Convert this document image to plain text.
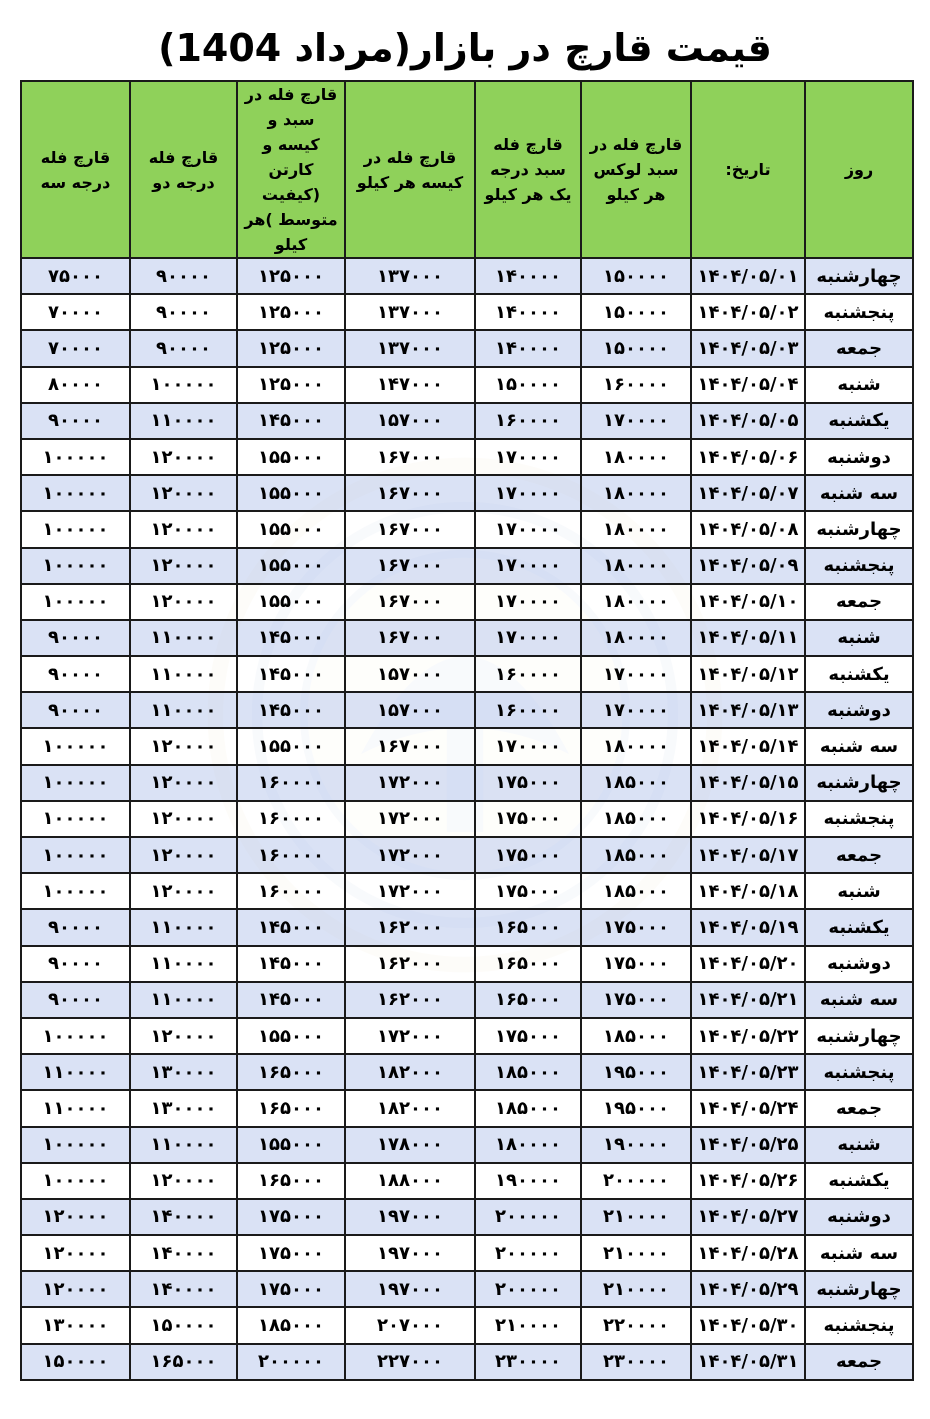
قیمت قارچ در بازار(مرداد 1404)
روز	تاریخ:	قارچ فله در سبد لوکس هر کیلو	قارچ فله سبد درجه یک هر کیلو	قارچ فله در کیسه هر کیلو	قارچ فله در سبد و کیسه و کارتن (کیفیت متوسط )هر کیلو	قارچ فله درجه دو	قارچ فله درجه سه
چهارشنبه	۱۴۰۴/۰۵/۰۱	۱۵۰۰۰۰	۱۴۰۰۰۰	۱۳۷۰۰۰	۱۲۵۰۰۰	۹۰۰۰۰	۷۵۰۰۰
پنجشنبه	۱۴۰۴/۰۵/۰۲	۱۵۰۰۰۰	۱۴۰۰۰۰	۱۳۷۰۰۰	۱۲۵۰۰۰	۹۰۰۰۰	۷۰۰۰۰
جمعه	۱۴۰۴/۰۵/۰۳	۱۵۰۰۰۰	۱۴۰۰۰۰	۱۳۷۰۰۰	۱۲۵۰۰۰	۹۰۰۰۰	۷۰۰۰۰
شنبه	۱۴۰۴/۰۵/۰۴	۱۶۰۰۰۰	۱۵۰۰۰۰	۱۴۷۰۰۰	۱۲۵۰۰۰	۱۰۰۰۰۰	۸۰۰۰۰
یکشنبه	۱۴۰۴/۰۵/۰۵	۱۷۰۰۰۰	۱۶۰۰۰۰	۱۵۷۰۰۰	۱۴۵۰۰۰	۱۱۰۰۰۰	۹۰۰۰۰
دوشنبه	۱۴۰۴/۰۵/۰۶	۱۸۰۰۰۰	۱۷۰۰۰۰	۱۶۷۰۰۰	۱۵۵۰۰۰	۱۲۰۰۰۰	۱۰۰۰۰۰
سه شنبه	۱۴۰۴/۰۵/۰۷	۱۸۰۰۰۰	۱۷۰۰۰۰	۱۶۷۰۰۰	۱۵۵۰۰۰	۱۲۰۰۰۰	۱۰۰۰۰۰
چهارشنبه	۱۴۰۴/۰۵/۰۸	۱۸۰۰۰۰	۱۷۰۰۰۰	۱۶۷۰۰۰	۱۵۵۰۰۰	۱۲۰۰۰۰	۱۰۰۰۰۰
پنجشنبه	۱۴۰۴/۰۵/۰۹	۱۸۰۰۰۰	۱۷۰۰۰۰	۱۶۷۰۰۰	۱۵۵۰۰۰	۱۲۰۰۰۰	۱۰۰۰۰۰
جمعه	۱۴۰۴/۰۵/۱۰	۱۸۰۰۰۰	۱۷۰۰۰۰	۱۶۷۰۰۰	۱۵۵۰۰۰	۱۲۰۰۰۰	۱۰۰۰۰۰
شنبه	۱۴۰۴/۰۵/۱۱	۱۸۰۰۰۰	۱۷۰۰۰۰	۱۶۷۰۰۰	۱۴۵۰۰۰	۱۱۰۰۰۰	۹۰۰۰۰
یکشنبه	۱۴۰۴/۰۵/۱۲	۱۷۰۰۰۰	۱۶۰۰۰۰	۱۵۷۰۰۰	۱۴۵۰۰۰	۱۱۰۰۰۰	۹۰۰۰۰
دوشنبه	۱۴۰۴/۰۵/۱۳	۱۷۰۰۰۰	۱۶۰۰۰۰	۱۵۷۰۰۰	۱۴۵۰۰۰	۱۱۰۰۰۰	۹۰۰۰۰
سه شنبه	۱۴۰۴/۰۵/۱۴	۱۸۰۰۰۰	۱۷۰۰۰۰	۱۶۷۰۰۰	۱۵۵۰۰۰	۱۲۰۰۰۰	۱۰۰۰۰۰
چهارشنبه	۱۴۰۴/۰۵/۱۵	۱۸۵۰۰۰	۱۷۵۰۰۰	۱۷۲۰۰۰	۱۶۰۰۰۰	۱۲۰۰۰۰	۱۰۰۰۰۰
پنجشنبه	۱۴۰۴/۰۵/۱۶	۱۸۵۰۰۰	۱۷۵۰۰۰	۱۷۲۰۰۰	۱۶۰۰۰۰	۱۲۰۰۰۰	۱۰۰۰۰۰
جمعه	۱۴۰۴/۰۵/۱۷	۱۸۵۰۰۰	۱۷۵۰۰۰	۱۷۲۰۰۰	۱۶۰۰۰۰	۱۲۰۰۰۰	۱۰۰۰۰۰
شنبه	۱۴۰۴/۰۵/۱۸	۱۸۵۰۰۰	۱۷۵۰۰۰	۱۷۲۰۰۰	۱۶۰۰۰۰	۱۲۰۰۰۰	۱۰۰۰۰۰
یکشنبه	۱۴۰۴/۰۵/۱۹	۱۷۵۰۰۰	۱۶۵۰۰۰	۱۶۲۰۰۰	۱۴۵۰۰۰	۱۱۰۰۰۰	۹۰۰۰۰
دوشنبه	۱۴۰۴/۰۵/۲۰	۱۷۵۰۰۰	۱۶۵۰۰۰	۱۶۲۰۰۰	۱۴۵۰۰۰	۱۱۰۰۰۰	۹۰۰۰۰
سه شنبه	۱۴۰۴/۰۵/۲۱	۱۷۵۰۰۰	۱۶۵۰۰۰	۱۶۲۰۰۰	۱۴۵۰۰۰	۱۱۰۰۰۰	۹۰۰۰۰
چهارشنبه	۱۴۰۴/۰۵/۲۲	۱۸۵۰۰۰	۱۷۵۰۰۰	۱۷۲۰۰۰	۱۵۵۰۰۰	۱۲۰۰۰۰	۱۰۰۰۰۰
پنجشنبه	۱۴۰۴/۰۵/۲۳	۱۹۵۰۰۰	۱۸۵۰۰۰	۱۸۲۰۰۰	۱۶۵۰۰۰	۱۳۰۰۰۰	۱۱۰۰۰۰
جمعه	۱۴۰۴/۰۵/۲۴	۱۹۵۰۰۰	۱۸۵۰۰۰	۱۸۲۰۰۰	۱۶۵۰۰۰	۱۳۰۰۰۰	۱۱۰۰۰۰
شنبه	۱۴۰۴/۰۵/۲۵	۱۹۰۰۰۰	۱۸۰۰۰۰	۱۷۸۰۰۰	۱۵۵۰۰۰	۱۱۰۰۰۰	۱۰۰۰۰۰
یکشنبه	۱۴۰۴/۰۵/۲۶	۲۰۰۰۰۰	۱۹۰۰۰۰	۱۸۸۰۰۰	۱۶۵۰۰۰	۱۲۰۰۰۰	۱۰۰۰۰۰
دوشنبه	۱۴۰۴/۰۵/۲۷	۲۱۰۰۰۰	۲۰۰۰۰۰	۱۹۷۰۰۰	۱۷۵۰۰۰	۱۴۰۰۰۰	۱۲۰۰۰۰
سه شنبه	۱۴۰۴/۰۵/۲۸	۲۱۰۰۰۰	۲۰۰۰۰۰	۱۹۷۰۰۰	۱۷۵۰۰۰	۱۴۰۰۰۰	۱۲۰۰۰۰
چهارشنبه	۱۴۰۴/۰۵/۲۹	۲۱۰۰۰۰	۲۰۰۰۰۰	۱۹۷۰۰۰	۱۷۵۰۰۰	۱۴۰۰۰۰	۱۲۰۰۰۰
پنجشنبه	۱۴۰۴/۰۵/۳۰	۲۲۰۰۰۰	۲۱۰۰۰۰	۲۰۷۰۰۰	۱۸۵۰۰۰	۱۵۰۰۰۰	۱۳۰۰۰۰
جمعه	۱۴۰۴/۰۵/۳۱	۲۳۰۰۰۰	۲۳۰۰۰۰	۲۲۷۰۰۰	۲۰۰۰۰۰	۱۶۵۰۰۰	۱۵۰۰۰۰
